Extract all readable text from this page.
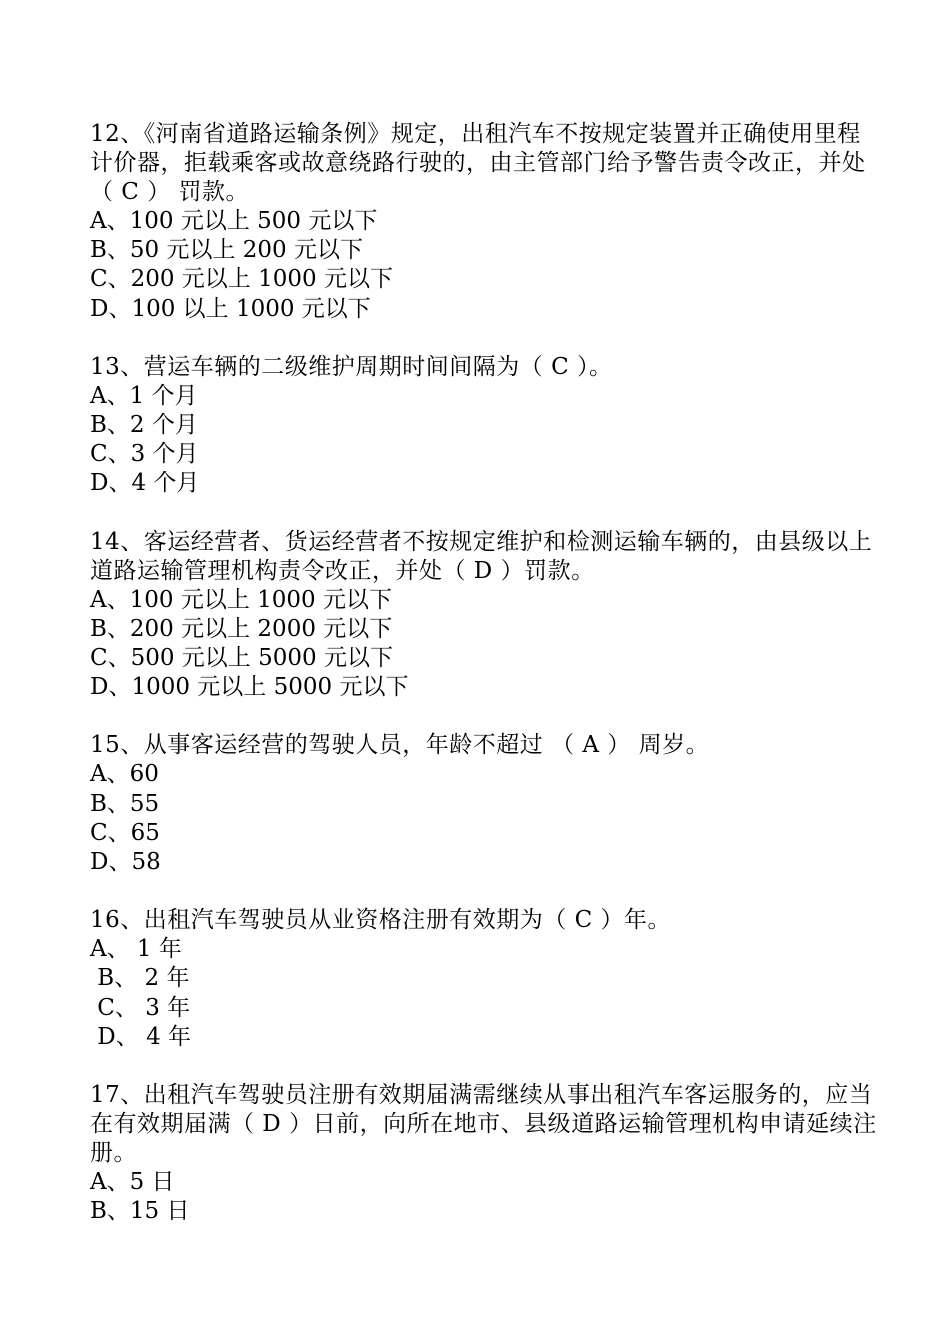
12、《河南省道路运输条例》规定，出租汽车不按规定装置并正确使用里程计价器，拒载乘客或故意绕路行驶的，由主管部门给予警告责令改正，并处 （ C ） 罚款。

A、100 元以上 500 元以下

B、50 元以上 200 元以下

C、200 元以上 1000 元以下

D、100 以上 1000 元以下

13、营运车辆的二级维护周期时间间隔为（ C ）。

A、1 个月

B、2 个月

C、3 个月

D、4 个月

14、客运经营者、货运经营者不按规定维护和检测运输车辆的，由县级以上道路运输管理机构责令改正，并处（ D ）罚款。

A、100 元以上 1000 元以下

B、200 元以上 2000 元以下

C、500 元以上 5000 元以下

D、1000 元以上 5000 元以下

15、从事客运经营的驾驶人员，年龄不超过 （ A ） 周岁。

A、60

B、55

C、65

D、58

16、出租汽车驾驶员从业资格注册有效期为（ C ）年。

A、 1 年

B、 2 年

C、 3 年

D、 4 年

17、出租汽车驾驶员注册有效期届满需继续从事出租汽车客运服务的，应当在有效期届满（ D ）日前，向所在地市、县级道路运输管理机构申请延续注册。

A、5 日

B、15 日
